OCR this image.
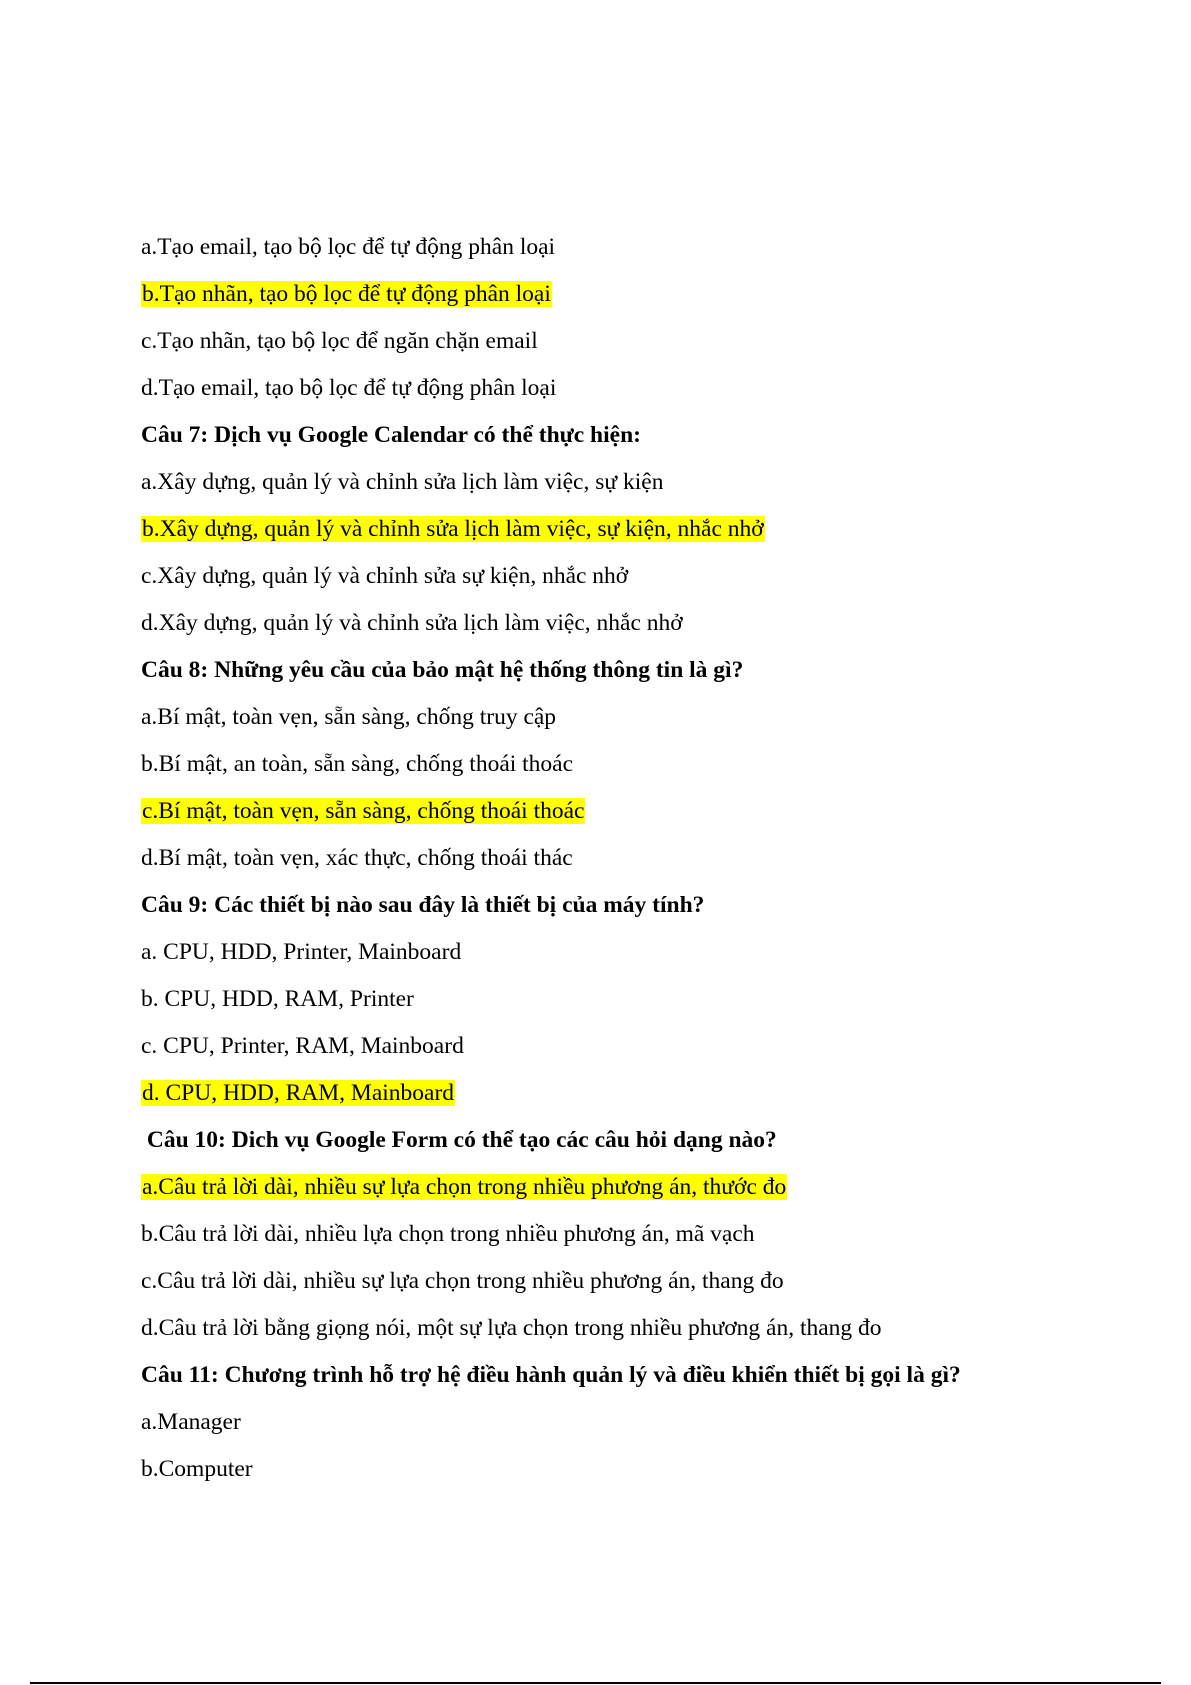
a.Tạo email, tạo bộ lọc để tự động phân loại
b.Tạo nhãn, tạo bộ lọc để tự động phân loại
c.Tạo nhãn, tạo bộ lọc để ngăn chặn email
d.Tạo email, tạo bộ lọc để tự động phân loại
Câu 7: Dịch vụ Google Calendar có thể thực hiện:
a.Xây dựng, quản lý và chỉnh sửa lịch làm việc, sự kiện
b.Xây dựng, quản lý và chỉnh sửa lịch làm việc, sự kiện, nhắc nhở
c.Xây dựng, quản lý và chỉnh sửa sự kiện, nhắc nhở
d.Xây dựng, quản lý và chỉnh sửa lịch làm việc, nhắc nhở
Câu 8: Những yêu cầu của bảo mật hệ thống thông tin là gì?
a.Bí mật, toàn vẹn, sẵn sàng, chống truy cập
b.Bí mật, an toàn, sẵn sàng, chống thoái thoác
c.Bí mật, toàn vẹn, sẵn sàng, chống thoái thoác
d.Bí mật, toàn vẹn, xác thực, chống thoái thác
Câu 9: Các thiết bị nào sau đây là thiết bị của máy tính?
a. CPU, HDD, Printer, Mainboard
b. CPU, HDD, RAM, Printer
c. CPU, Printer, RAM, Mainboard
d. CPU, HDD, RAM, Mainboard
Câu 10: Dich vụ Google Form có thể tạo các câu hỏi dạng nào?
a.Câu trả lời dài, nhiều sự lựa chọn trong nhiều phương án, thước đo
b.Câu trả lời dài, nhiều lựa chọn trong nhiều phương án, mã vạch
c.Câu trả lời dài, nhiều sự lựa chọn trong nhiều phương án, thang đo
d.Câu trả lời bằng giọng nói, một sự lựa chọn trong nhiều phương án, thang đo
Câu 11: Chương trình hỗ trợ hệ điều hành quản lý và điều khiển thiết bị gọi là gì?
a.Manager
b.Computer
